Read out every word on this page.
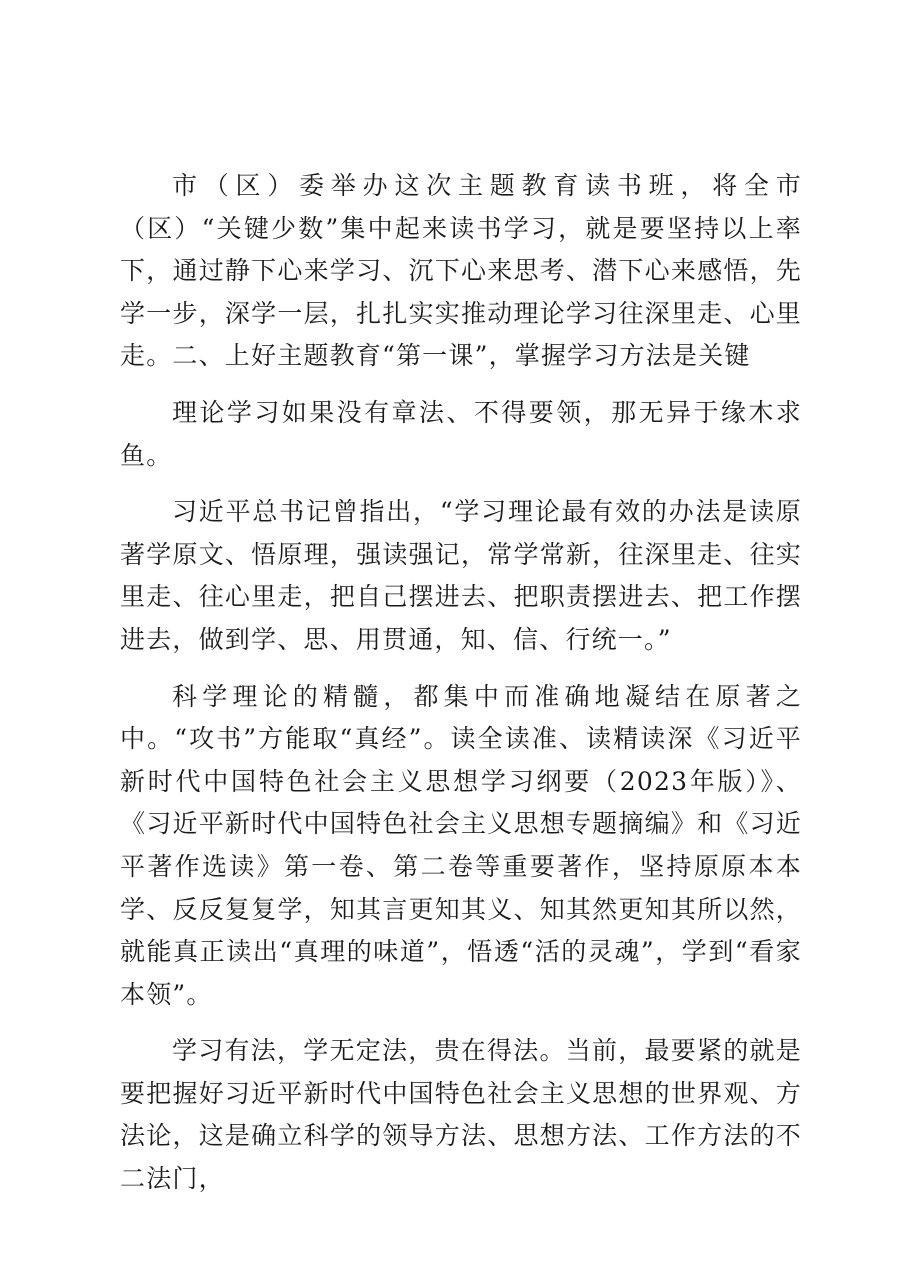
市（区）委举办这次主题教育读书班，将全市（区）“关键少数”集中起来读书学习，就是要坚持以上率下，通过静下心来学习、沉下心来思考、潜下心来感悟，先学一步，深学一层，扎扎实实推动理论学习往深里走、心里走。二、上好主题教育“第一课”，掌握学习方法是关键

理论学习如果没有章法、不得要领，那无异于缘木求鱼。

习近平总书记曾指出，“学习理论最有效的办法是读原著学原文、悟原理，强读强记，常学常新，往深里走、往实里走、往心里走，把自己摆进去、把职责摆进去、把工作摆进去，做到学、思、用贯通，知、信、行统一。”

科学理论的精髓，都集中而准确地凝结在原著之中。“攻书”方能取“真经”。读全读准、读精读深《习近平新时代中国特色社会主义思想学习纲要（2023年版）》、《习近平新时代中国特色社会主义思想专题摘编》和《习近平著作选读》第一卷、第二卷等重要著作，坚持原原本本学、反反复复学，知其言更知其义、知其然更知其所以然，就能真正读出“真理的味道”，悟透“活的灵魂”，学到“看家本领”。

学习有法，学无定法，贵在得法。当前，最要紧的就是要把握好习近平新时代中国特色社会主义思想的世界观、方法论，这是确立科学的领导方法、思想方法、工作方法的不二法门，
